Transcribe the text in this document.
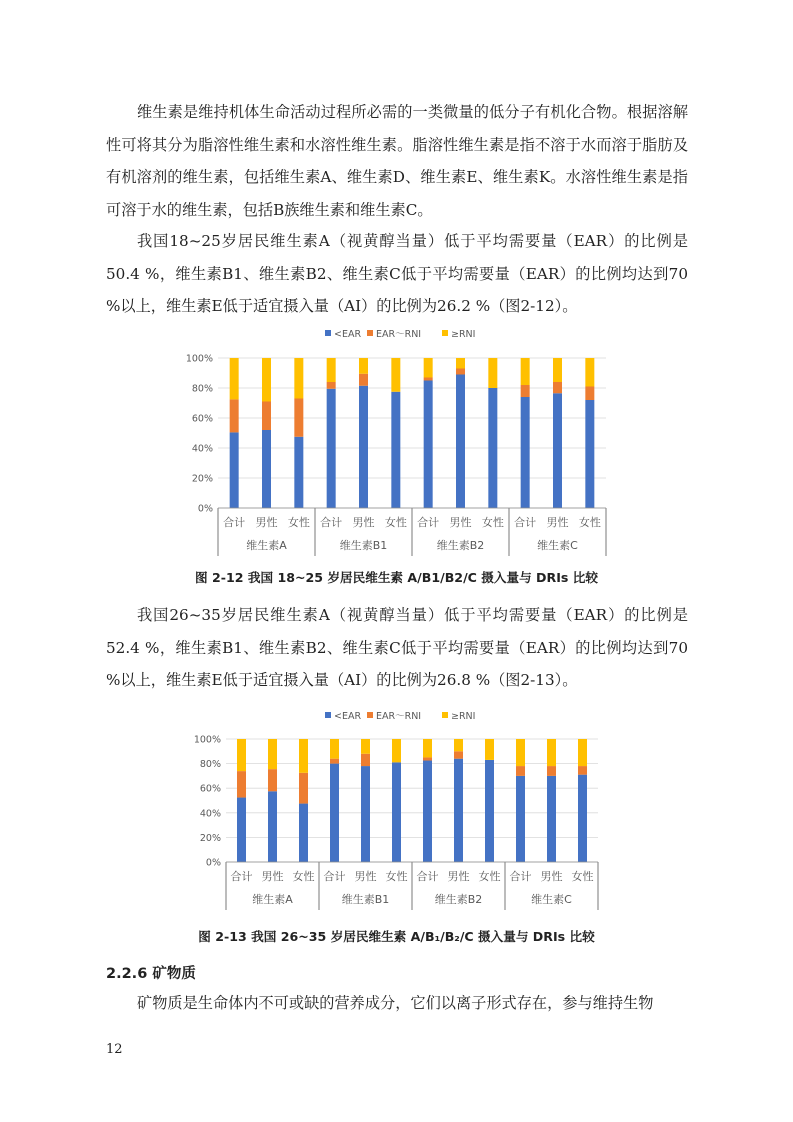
维生素是维持机体生命活动过程所必需的一类微量的低分子有机化合物。根据溶解性可将其分为脂溶性维生素和水溶性维生素。脂溶性维生素是指不溶于水而溶于脂肪及有机溶剂的维生素，包括维生素A、维生素D、维生素E、维生素K。水溶性维生素是指可溶于水的维生素，包括B族维生素和维生素C。

我国18~25岁居民维生素A（视黄醇当量）低于平均需要量（EAR）的比例是50.4 %，维生素B1、维生素B2、维生素C低于平均需要量（EAR）的比例均达到70 %以上，维生素E低于适宜摄入量（AI）的比例为26.2 %（图2-12）。

<EAR EAR～RNI	≥RNI
0%
20%
40%
60%
80%
100%
合计 男性 女性 合计 男性 女性 合计 男性 女性 合计 男性 女性
维生素A	维生素B1	维生素B2	维生素C
图 2-12 我国 18~25 岁居民维生素 A/B1/B2/C 摄入量与 DRIs 比较

我国26~35岁居民维生素A（视黄醇当量）低于平均需要量（EAR）的比例是52.4 %，维生素B1、维生素B2、维生素C低于平均需要量（EAR）的比例均达到70 %以上，维生素E低于适宜摄入量（AI）的比例为26.8 %（图2-13）。

<EAR EAR～RNI	≥RNI
0%
20%
40%
60%
80%
100%
合计 男性 女性 合计 男性 女性 合计 男性 女性 合计 男性 女性
维生素A	维生素B1	维生素B2	维生素C
图 2-13 我国 26~35 岁居民维生素 A/B₁/B₂/C 摄入量与 DRIs 比较
2.2.6 矿物质

矿物质是生命体内不可或缺的营养成分，它们以离子形式存在，参与维持生物

12
